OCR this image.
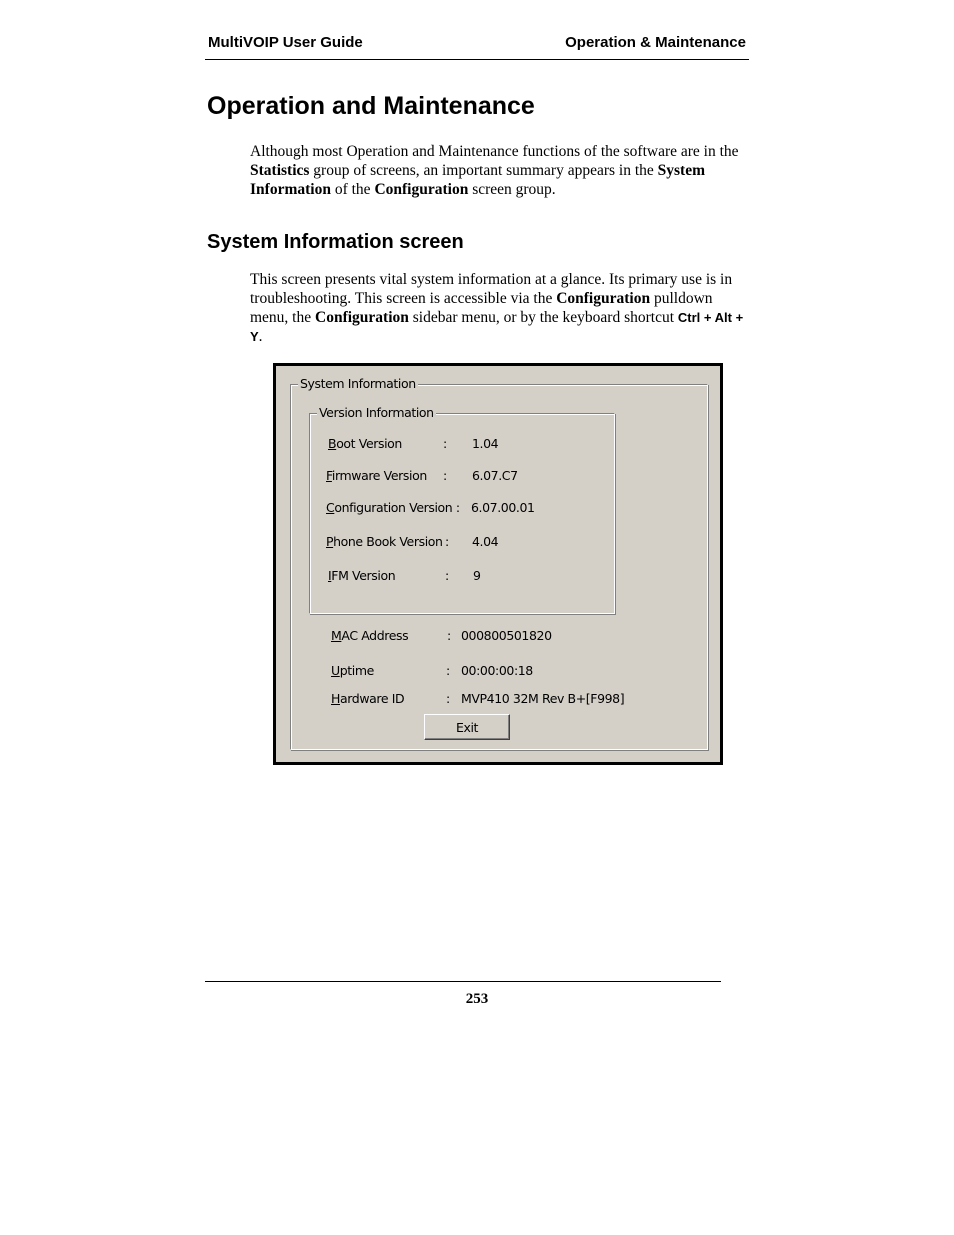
MultiVOIP User Guide	Operation & Maintenance
Operation and Maintenance

Although most Operation and Maintenance functions of the software are in the Statistics group of screens, an important summary appears in the System Information of the Configuration screen group.

System Information screen

This screen presents vital system information at a glance. Its primary use is in troubleshooting. This screen is accessible via the Configuration pulldown menu, the Configuration sidebar menu, or by the keyboard shortcut Ctrl + Alt + Y.

System Information
Version Information
Boot Version	: 1.04
Firmware Version : 6.07.C7
Configuration Version : 6.07.00.01
Phone Book Version : 4.04
IFM Version	: 9
MAC Address	: 000800501820
Uptime	: 00:00:00:18
Hardware ID	: MVP410 32M Rev B+[F998]
Exit
253
